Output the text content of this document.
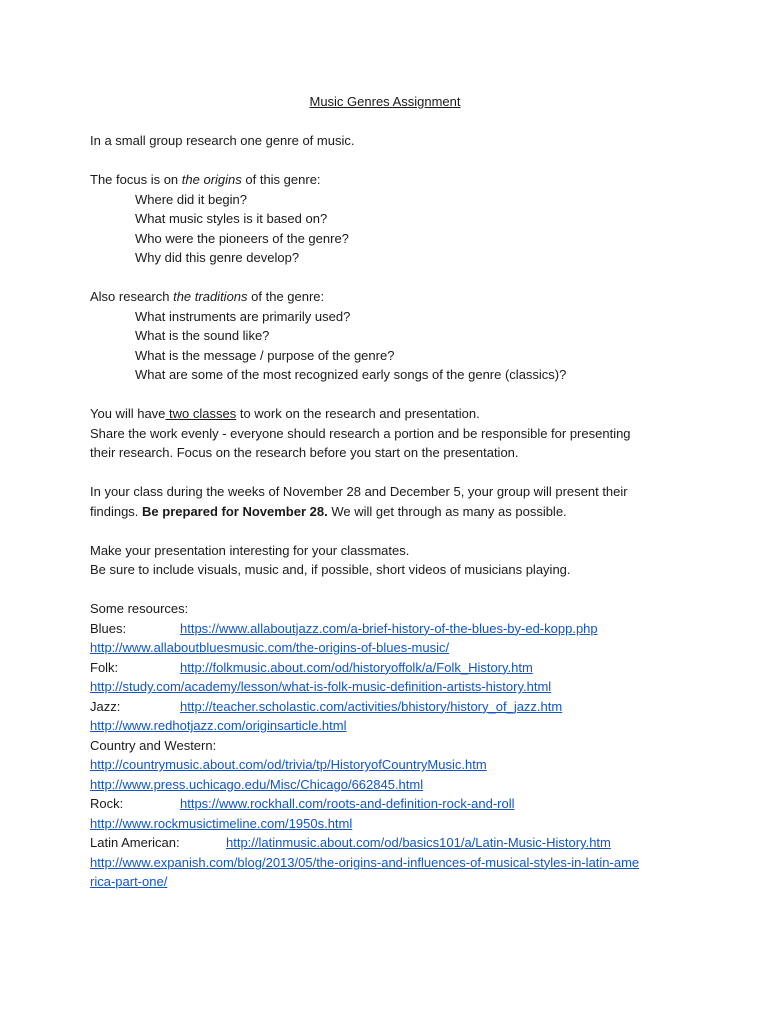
Music Genres Assignment
In a small group research one genre of music.
The focus is on the origins of this genre:
Where did it begin?
What music styles is it based on?
Who were the pioneers of the genre?
Why did this genre develop?
Also research the traditions of the genre:
What instruments are primarily used?
What is the sound like?
What is the message / purpose of the genre?
What are some of the most recognized early songs of the genre (classics)?
You will have two classes to work on the research and presentation.
Share the work evenly - everyone should research a portion and be responsible for presenting
their research. Focus on the research before you start on the presentation.
In your class during the weeks of November 28 and December 5, your group will present their
findings. Be prepared for November 28. We will get through as many as possible.
Make your presentation interesting for your classmates.
Be sure to include visuals, music and, if possible, short videos of musicians playing.
Some resources:
Blues:	https://www.allaboutjazz.com/a-brief-history-of-the-blues-by-ed-kopp.php
http://www.allaboutbluesmusic.com/the-origins-of-blues-music/
Folk:	http://folkmusic.about.com/od/historyoffolk/a/Folk_History.htm
http://study.com/academy/lesson/what-is-folk-music-definition-artists-history.html
Jazz:	http://teacher.scholastic.com/activities/bhistory/history_of_jazz.htm
http://www.redhotjazz.com/originsarticle.html
Country and Western:
http://countrymusic.about.com/od/trivia/tp/HistoryofCountryMusic.htm
http://www.press.uchicago.edu/Misc/Chicago/662845.html
Rock:	https://www.rockhall.com/roots-and-definition-rock-and-roll
http://www.rockmusictimeline.com/1950s.html
Latin American:	http://latinmusic.about.com/od/basics101/a/Latin-Music-History.htm
http://www.expanish.com/blog/2013/05/the-origins-and-influences-of-musical-styles-in-latin-ame
rica-part-one/
